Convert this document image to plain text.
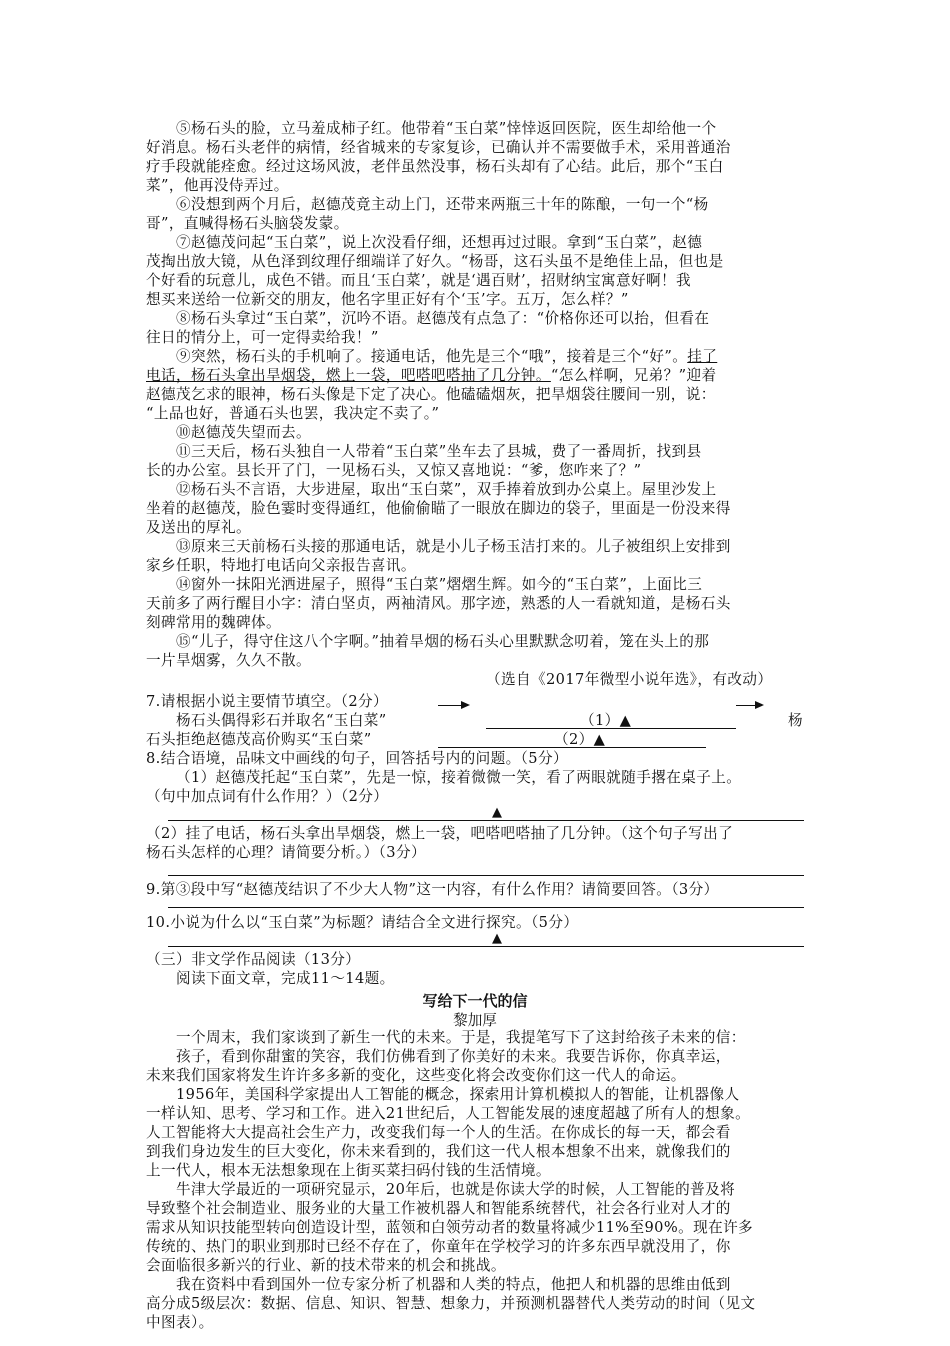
⑤杨石头的脸，立马羞成柿子红。他带着“玉白菜”悻悻返回医院，医生却给他一个
好消息。杨石头老伴的病情，经省城来的专家复诊，已确认并不需要做手术，采用普通治
疗手段就能痊愈。经过这场风波，老伴虽然没事，杨石头却有了心结。此后，那个“玉白
菜”，他再没侍弄过。
⑥没想到两个月后，赵德茂竟主动上门，还带来两瓶三十年的陈酿，一句一个“杨
哥”，直喊得杨石头脑袋发蒙。
⑦赵德茂问起“玉白菜”，说上次没看仔细，还想再过过眼。拿到“玉白菜”，赵德
茂掏出放大镜，从色泽到纹理仔细端详了好久。“杨哥，这石头虽不是绝佳上品，但也是
个好看的玩意儿，成色不错。而且‘玉白菜’，就是‘遇百财’，招财纳宝寓意好啊！我
想买来送给一位新交的朋友，他名字里正好有个‘玉’字。五万，怎么样？”
⑧杨石头拿过“玉白菜”，沉吟不语。赵德茂有点急了：“价格你还可以抬，但看在
往日的情分上，可一定得卖给我！”
⑨突然，杨石头的手机响了。接通电话，他先是三个“哦”，接着是三个“好”。挂了
电话，杨石头拿出旱烟袋，燃上一袋，吧嗒吧嗒抽了几分钟。“怎么样啊，兄弟？”迎着
赵德茂乞求的眼神，杨石头像是下定了决心。他磕磕烟灰，把旱烟袋往腰间一别，说：
“上品也好，普通石头也罢，我决定不卖了。”
⑩赵德茂失望而去。
⑪三天后，杨石头独自一人带着“玉白菜”坐车去了县城，费了一番周折，找到县
长的办公室。县长开了门，一见杨石头，又惊又喜地说：“爹，您咋来了？”
⑫杨石头不言语，大步进屋，取出“玉白菜”，双手捧着放到办公桌上。屋里沙发上
坐着的赵德茂，脸色霎时变得通红，他偷偷瞄了一眼放在脚边的袋子，里面是一份没来得
及送出的厚礼。
⑬原来三天前杨石头接的那通电话，就是小儿子杨玉洁打来的。儿子被组织上安排到
家乡任职，特地打电话向父亲报告喜讯。
⑭窗外一抹阳光洒进屋子，照得“玉白菜”熠熠生辉。如今的“玉白菜”，上面比三
天前多了两行醒目小字：清白坚贞，两袖清风。那字迹，熟悉的人一看就知道，是杨石头
刻碑常用的魏碑体。
⑮“儿子，得守住这八个字啊。”抽着旱烟的杨石头心里默默念叨着，笼在头上的那
一片旱烟雾，久久不散。
（选自《2017年微型小说年选》，有改动）
7.请根据小说主要情节填空。（2分）
杨石头偶得彩石并取名“玉白菜”	（1）▲	杨
石头拒绝赵德茂高价购买“玉白菜”	（2）▲
8.结合语境，品味文中画线的句子，回答括号内的问题。（5分）
（1）赵德茂托起“玉白菜”，先是一惊，接着微微一笑，看了两眼就随手撂在桌子上。
（句中加点词有什么作用？）（2分）
▲
（2）挂了电话，杨石头拿出旱烟袋，燃上一袋，吧嗒吧嗒抽了几分钟。（这个句子写出了
杨石头怎样的心理？请简要分析。）（3分）
9.第③段中写“赵德茂结识了不少大人物”这一内容，有什么作用？请简要回答。（3分）
10.小说为什么以“玉白菜”为标题？请结合全文进行探究。（5分）
▲
（三）非文学作品阅读（13分）
阅读下面文章，完成11～14题。
写给下一代的信
黎加厚
一个周末，我们家谈到了新生一代的未来。于是，我提笔写下了这封给孩子未来的信：
孩子，看到你甜蜜的笑容，我们仿佛看到了你美好的未来。我要告诉你，你真幸运，
未来我们国家将发生许许多多新的变化，这些变化将会改变你们这一代人的命运。
1956年，美国科学家提出人工智能的概念，探索用计算机模拟人的智能，让机器像人
一样认知、思考、学习和工作。进入21世纪后，人工智能发展的速度超越了所有人的想象。
人工智能将大大提高社会生产力，改变我们每一个人的生活。在你成长的每一天，都会看
到我们身边发生的巨大变化，你未来看到的，我们这一代人根本想象不出来，就像我们的
上一代人，根本无法想象现在上街买菜扫码付钱的生活情境。
牛津大学最近的一项研究显示，20年后，也就是你读大学的时候，人工智能的普及将
导致整个社会制造业、服务业的大量工作被机器人和智能系统替代，社会各行业对人才的
需求从知识技能型转向创造设计型，蓝领和白领劳动者的数量将减少11%至90%。现在许多
传统的、热门的职业到那时已经不存在了，你童年在学校学习的许多东西早就没用了，你
会面临很多新兴的行业、新的技术带来的机会和挑战。
我在资料中看到国外一位专家分析了机器和人类的特点，他把人和机器的思维由低到
高分成5级层次：数据、信息、知识、智慧、想象力，并预测机器替代人类劳动的时间（见文
中图表）。
